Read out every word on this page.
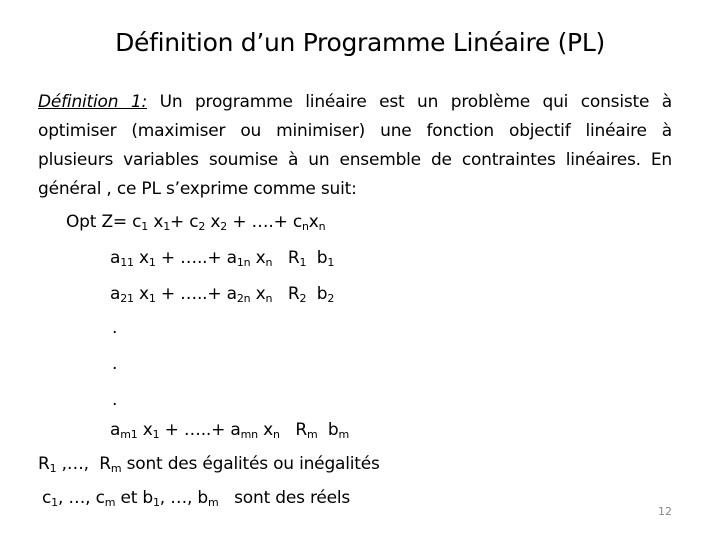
Définition d’un Programme Linéaire (PL)
Définition 1: Un programme linéaire est un problème qui consiste à optimiser (maximiser ou minimiser) une fonction objectif linéaire à plusieurs variables soumise à un ensemble de contraintes linéaires. En général , ce PL s’exprime comme suit:
Opt $Z= c_1$ $x_1+ c_2$ $x_2$ + ….+ $c_nx_n$
$a_{11}$ $x_1$ + …..+ $a_{1n}$ $x_n$   $R_1$  $b_1$
$a_{21}$ $x_1$ + …..+ $a_{2n}$ $x_n$   $R_2$  $b_2$
.
.
.
$a_{m1}$ $x_1$ + …..+ $a_{mn}$ $x_n$   $R_m$  $b_m$
$R_1$ ,…,  $R_m$ sont des égalités ou inégalités
$c_1$, …, $c_m$ et $b_1$, …, $b_m$   sont des réels
12
